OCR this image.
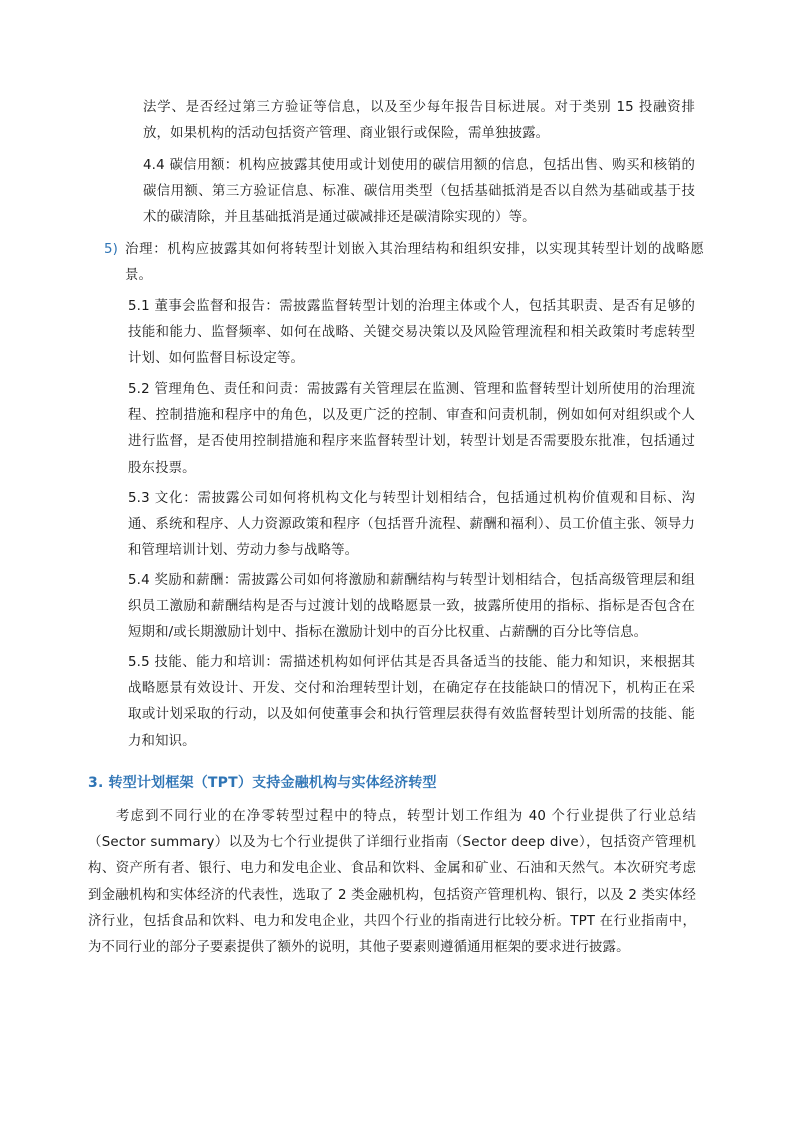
法学、是否经过第三方验证等信息，以及至少每年报告目标进展。对于类别 15 投融资排放，如果机构的活动包括资产管理、商业银行或保险，需单独披露。

4.4 碳信用额：机构应披露其使用或计划使用的碳信用额的信息，包括出售、购买和核销的碳信用额、第三方验证信息、标准、碳信用类型（包括基础抵消是否以自然为基础或基于技术的碳清除，并且基础抵消是通过碳减排还是碳清除实现的）等。

5) 治理：机构应披露其如何将转型计划嵌入其治理结构和组织安排，以实现其转型计划的战略愿景。

5.1 董事会监督和报告：需披露监督转型计划的治理主体或个人，包括其职责、是否有足够的技能和能力、监督频率、如何在战略、关键交易决策以及风险管理流程和相关政策时考虑转型计划、如何监督目标设定等。

5.2 管理角色、责任和问责：需披露有关管理层在监测、管理和监督转型计划所使用的治理流程、控制措施和程序中的角色，以及更广泛的控制、审查和问责机制，例如如何对组织或个人进行监督，是否使用控制措施和程序来监督转型计划，转型计划是否需要股东批准，包括通过股东投票。

5.3 文化：需披露公司如何将机构文化与转型计划相结合，包括通过机构价值观和目标、沟通、系统和程序、人力资源政策和程序（包括晋升流程、薪酬和福利）、员工价值主张、领导力和管理培训计划、劳动力参与战略等。

5.4 奖励和薪酬：需披露公司如何将激励和薪酬结构与转型计划相结合，包括高级管理层和组织员工激励和薪酬结构是否与过渡计划的战略愿景一致，披露所使用的指标、指标是否包含在短期和/或长期激励计划中、指标在激励计划中的百分比权重、占薪酬的百分比等信息。

5.5 技能、能力和培训：需描述机构如何评估其是否具备适当的技能、能力和知识，来根据其战略愿景有效设计、开发、交付和治理转型计划，在确定存在技能缺口的情况下，机构正在采取或计划采取的行动，以及如何使董事会和执行管理层获得有效监督转型计划所需的技能、能力和知识。

3. 转型计划框架（TPT）支持金融机构与实体经济转型

考虑到不同行业的在净零转型过程中的特点，转型计划工作组为 40 个行业提供了行业总结（Sector summary）以及为七个行业提供了详细行业指南（Sector deep dive），包括资产管理机构、资产所有者、银行、电力和发电企业、食品和饮料、金属和矿业、石油和天然气。本次研究考虑到金融机构和实体经济的代表性，选取了 2 类金融机构，包括资产管理机构、银行，以及 2 类实体经济行业，包括食品和饮料、电力和发电企业，共四个行业的指南进行比较分析。TPT 在行业指南中，为不同行业的部分子要素提供了额外的说明，其他子要素则遵循通用框架的要求进行披露。
